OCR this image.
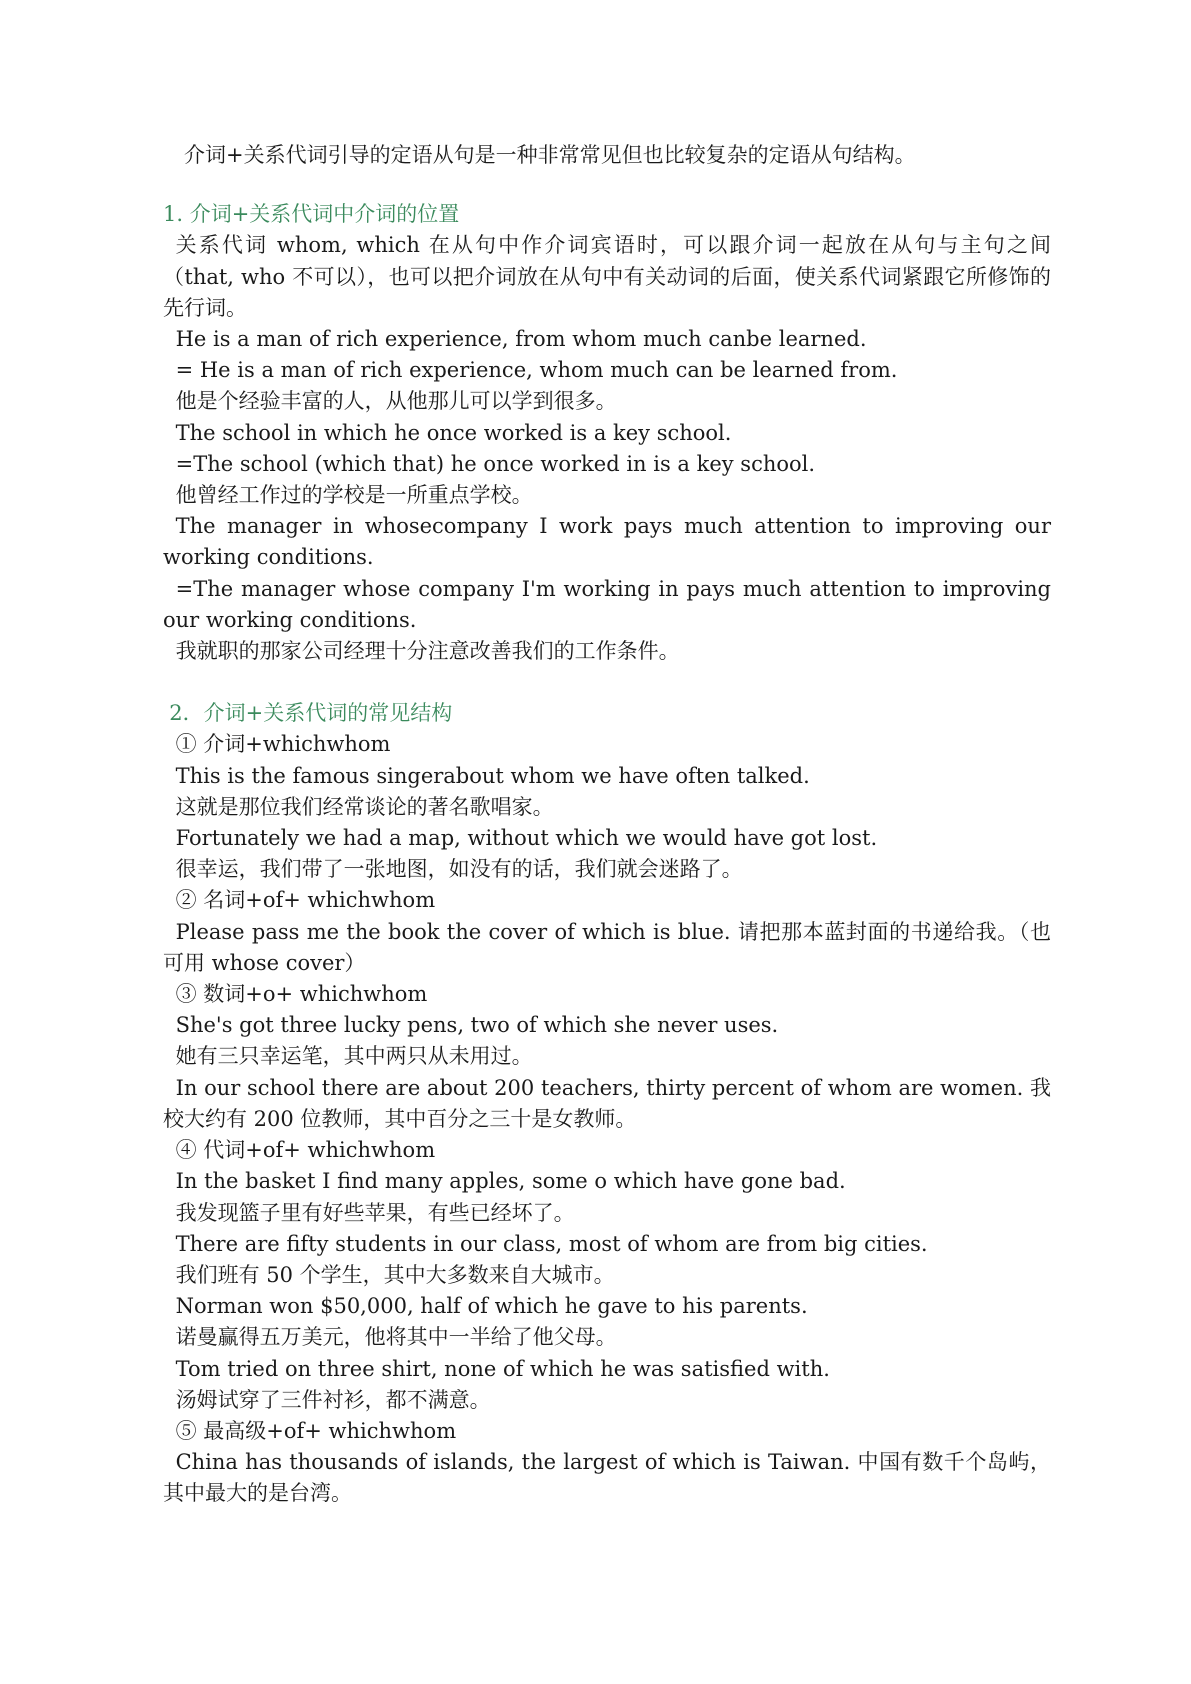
介词+关系代词引导的定语从句是一种非常常见但也比较复杂的定语从句结构。

1. 介词+关系代词中介词的位置

关系代词 whom, which 在从句中作介词宾语时，可以跟介词一起放在从句与主句之间（that, who 不可以），也可以把介词放在从句中有关动词的后面，使关系代词紧跟它所修饰的先行词。

He is a man of rich experience, from whom much canbe learned.

= He is a man of rich experience, whom much can be learned from.

他是个经验丰富的人，从他那儿可以学到很多。

The school in which he once worked is a key school.

=The school (which that) he once worked in is a key school.

他曾经工作过的学校是一所重点学校。

The manager in whosecompany I work pays much attention to improving our working conditions.

=The manager whose company I'm working in pays much attention to improving our working conditions.

我就职的那家公司经理十分注意改善我们的工作条件。

2．介词+关系代词的常见结构

① 介词+whichwhom

This is the famous singerabout whom we have often talked.

这就是那位我们经常谈论的著名歌唱家。

Fortunately we had a map, without which we would have got lost.

很幸运，我们带了一张地图，如没有的话，我们就会迷路了。

② 名词+of+ whichwhom

Please pass me the book the cover of which is blue. 请把那本蓝封面的书递给我。（也可用 whose cover）

③ 数词+o+ whichwhom

She's got three lucky pens, two of which she never uses.

她有三只幸运笔，其中两只从未用过。

In our school there are about 200 teachers, thirty percent of whom are women. 我校大约有 200 位教师，其中百分之三十是女教师。

④ 代词+of+ whichwhom

In the basket I find many apples, some o which have gone bad.

我发现篮子里有好些苹果，有些已经坏了。

There are fifty students in our class, most of whom are from big cities.

我们班有 50 个学生，其中大多数来自大城市。

Norman won $50,000, half of which he gave to his parents.

诺曼赢得五万美元，他将其中一半给了他父母。

Tom tried on three shirt, none of which he was satisfied with.

汤姆试穿了三件衬衫，都不满意。

⑤ 最高级+of+ whichwhom

China has thousands of islands, the largest of which is Taiwan. 中国有数千个岛屿，其中最大的是台湾。
